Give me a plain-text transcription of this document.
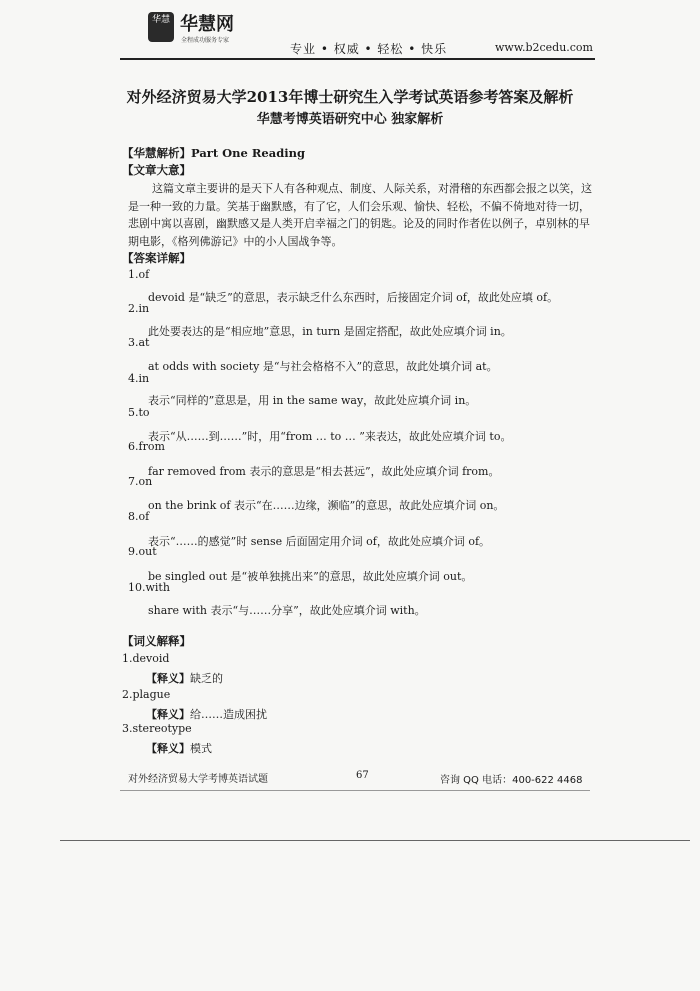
华慧 华慧网
全程成功服务专家
专业 • 权威 • 轻松 • 快乐	www.b2cedu.com
对外经济贸易大学2013年博士研究生入学考试英语参考答案及解析
华慧考博英语研究中心 独家解析
【华慧解析】Part One Reading
【文章大意】
这篇文章主要讲的是天下人有各种观点、制度、人际关系，对滑稽的东西都会报之以笑，这是一种一致的力量。笑基于幽默感，有了它，人们会乐观、愉快、轻松，不偏不倚地对待一切，悲剧中寓以喜剧，幽默感又是人类开启幸福之门的钥匙。论及的同时作者佐以例子，卓别林的早期电影，《格列佛游记》中的小人国战争等。
【答案详解】
1.of
devoid 是“缺乏”的意思，表示缺乏什么东西时，后接固定介词 of，故此处应填 of。
2.in
此处要表达的是“相应地”意思，in turn 是固定搭配，故此处应填介词 in。
3.at
at odds with society 是“与社会格格不入”的意思，故此处填介词 at。
4.in
表示“同样的”意思是，用 in the same way，故此处应填介词 in。
5.to
表示“从……到……”时，用“from … to … ”来表达，故此处应填介词 to。
6.from
far removed from 表示的意思是“相去甚远”，故此处应填介词 from。
7.on
on the brink of 表示“在……边缘，濒临”的意思，故此处应填介词 on。
8.of
表示“……的感觉”时 sense 后面固定用介词 of，故此处应填介词 of。
9.out
be singled out 是“被单独挑出来”的意思，故此处应填介词 out。
10.with
share with 表示“与……分享”，故此处应填介词 with。
【词义解释】
1.devoid
【释义】缺乏的
2.plague
【释义】给……造成困扰
3.stereotype
【释义】模式
对外经济贸易大学考博英语试题	67	咨询 QQ 电话：400-622 4468
